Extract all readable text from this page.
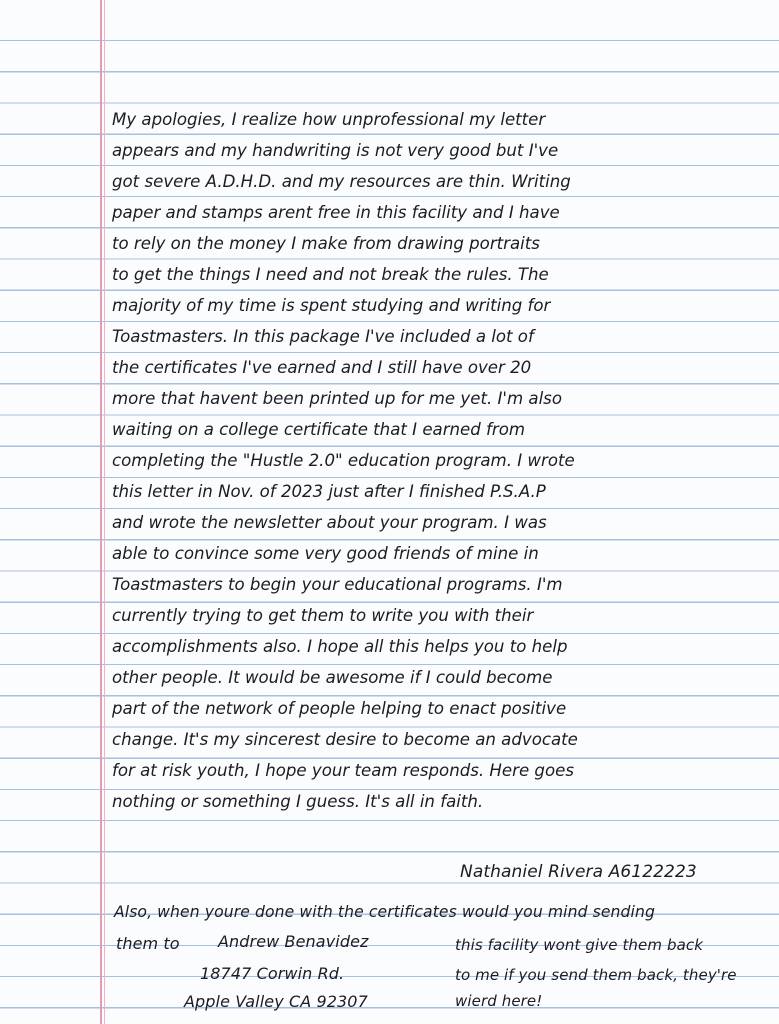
My apologies, I realize how unprofessional my letter
appears and my handwriting is not very good but I've
got severe A.D.H.D. and my resources are thin. Writing
paper and stamps arent free in this facility and I have
to rely on the money I make from drawing portraits
to get the things I need and not break the rules. The
majority of my time is spent studying and writing for
Toastmasters. In this package I've included a lot of
the certificates I've earned and I still have over 20
more that havent been printed up for me yet. I'm also
waiting on a college certificate that I earned from
completing the "Hustle 2.0" education program. I wrote
this letter in Nov. of 2023 just after I finished P.S.A.P
and wrote the newsletter about your program. I was
able to convince some very good friends of mine in
Toastmasters to begin your educational programs. I'm
currently trying to get them to write you with their
accomplishments also. I hope all this helps you to help
other people. It would be awesome if I could become
part of the network of people helping to enact positive
change. It's my sincerest desire to become an advocate
for at risk youth, I hope your team responds. Here goes
nothing or something I guess. It's all in faith.
Nathaniel Rivera A6122223
Also, when youre done with the certificates would you mind sending
them to Andrew Benavidez
18747 Corwin Rd.
Apple Valley CA 92307
this facility wont give them back
to me if you send them back, they're
wierd here!
